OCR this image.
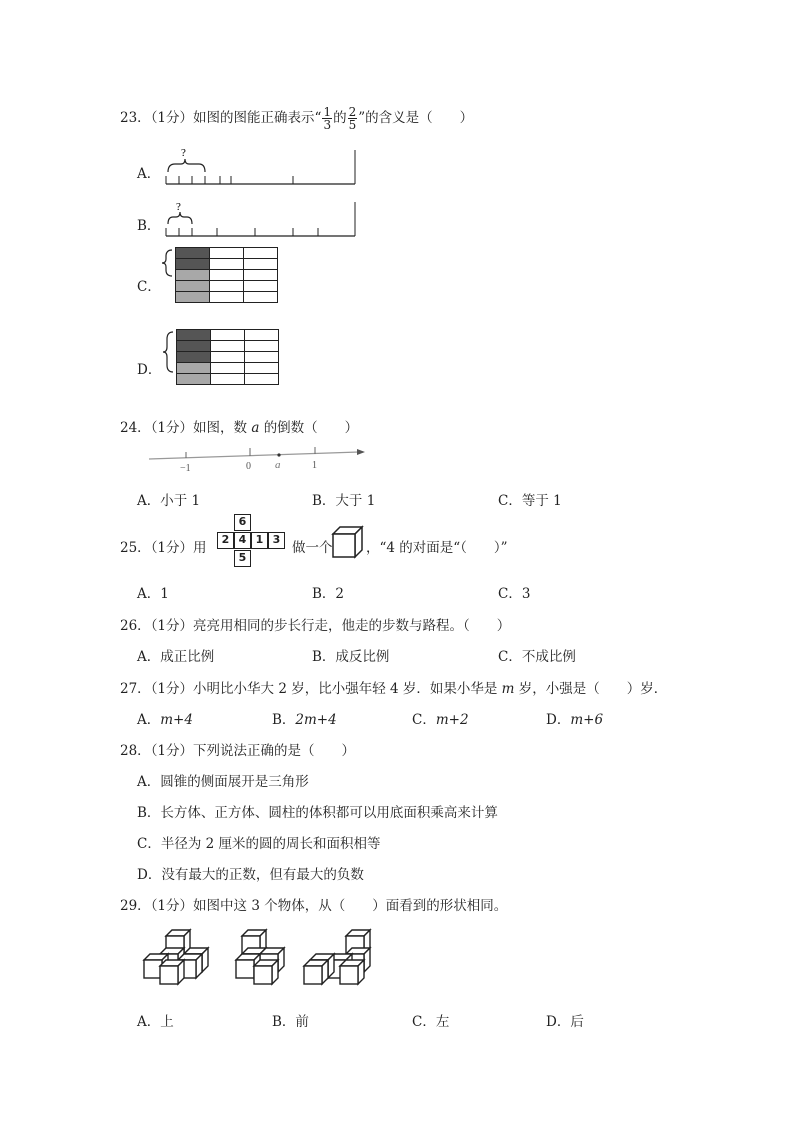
23．（1分）如图的图能正确表示“ $\frac{1}{3}$ 的 $\frac{2}{5}$ ”的含义是（　　）
A．
?
B．
?
C．

D．

24．（1分）如图，数 a 的倒数（　　）
−1	0 a	1
A．小于 1	B．大于 1	C．等于 1
25．（1分）用
6
2 4 1 3
5
做一个 ，“4 的对面是“（　　）”
A．1	B．2	C．3
26．（1分）亮亮用相同的步长行走，他走的步数与路程。（　　）
A．成正比例	B．成反比例	C．不成比例
27．（1分）小明比小华大 2 岁，比小强年轻 4 岁．如果小华是 m 岁，小强是（　　）岁．
A．m+4	B．2m+4	C．m+2	D．m+6
28．（1分）下列说法正确的是（　　）
A．圆锥的侧面展开是三角形
B．长方体、正方体、圆柱的体积都可以用底面积乘高来计算
C．半径为 2 厘米的圆的周长和面积相等
D．没有最大的正数，但有最大的负数
29．（1分）如图中这 3 个物体，从（　　）面看到的形状相同。
A．上	B．前	C．左	D．后
